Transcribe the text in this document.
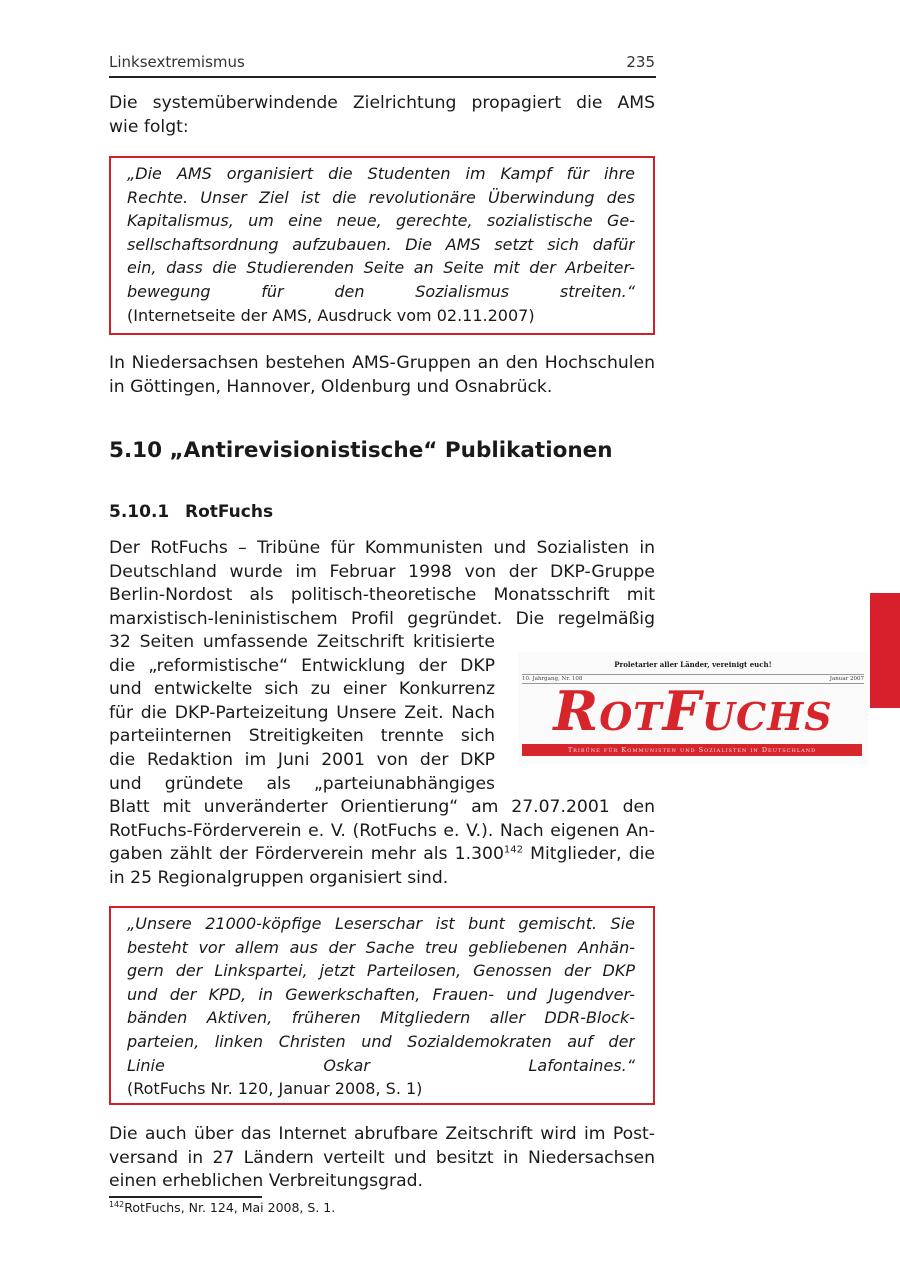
Linksextremismus	235
Die systemüberwindende Zielrichtung propagiert die AMS
wie folgt:
„Die AMS organisiert die Studenten im Kampf für ihre
Rechte. Unser Ziel ist die revolutionäre Überwindung des
Kapitalismus, um eine neue, gerechte, sozialistische Ge-
sellschaftsordnung aufzubauen. Die AMS setzt sich dafür
ein, dass die Studierenden Seite an Seite mit der Arbeiter-
bewegung für den Sozialismus streiten.“
(Internetseite der AMS, Ausdruck vom 02.11.2007)
In Niedersachsen bestehen AMS-Gruppen an den Hochschulen
in Göttingen, Hannover, Oldenburg und Osnabrück.
5.10 „Antirevisionistische“ Publikationen
5.10.1 RotFuchs
Der RotFuchs – Tribüne für Kommunisten und Sozialisten in
Deutschland wurde im Februar 1998 von der DKP-Gruppe
Berlin-Nordost als politisch-theoretische Monatsschrift mit
marxistisch-leninistischem Profil gegründet. Die regelmäßig
32 Seiten umfassende Zeitschrift kritisierte
die „reformistische“ Entwicklung der DKP
und entwickelte sich zu einer Konkurrenz
für die DKP-Parteizeitung Unsere Zeit. Nach
parteiinternen Streitigkeiten trennte sich
die Redaktion im Juni 2001 von der DKP
und gründete als „parteiunabhängiges
Blatt mit unveränderter Orientierung“ am 27.07.2001 den
RotFuchs-Förderverein e. V. (RotFuchs e. V.). Nach eigenen An-
gaben zählt der Förderverein mehr als 1.300$^{142}$ Mitglieder, die
in 25 Regionalgruppen organisiert sind.
Proletarier aller Länder, vereinigt euch!
10. Jahrgang, Nr. 108	Januar 2007
RotFuchs
Tribüne für Kommunisten und Sozialisten in Deutschland
„Unsere 21000-köpfige Leserschar ist bunt gemischt. Sie
besteht vor allem aus der Sache treu gebliebenen Anhän-
gern der Linkspartei, jetzt Parteilosen, Genossen der DKP
und der KPD, in Gewerkschaften, Frauen- und Jugendver-
bänden Aktiven, früheren Mitgliedern aller DDR-Block-
parteien, linken Christen und Sozialdemokraten auf der
Linie Oskar Lafontaines.“
(RotFuchs Nr. 120, Januar 2008, S. 1)
Die auch über das Internet abrufbare Zeitschrift wird im Post-
versand in 27 Ländern verteilt und besitzt in Niedersachsen
einen erheblichen Verbreitungsgrad.
$^{142}$RotFuchs, Nr. 124, Mai 2008, S. 1.
